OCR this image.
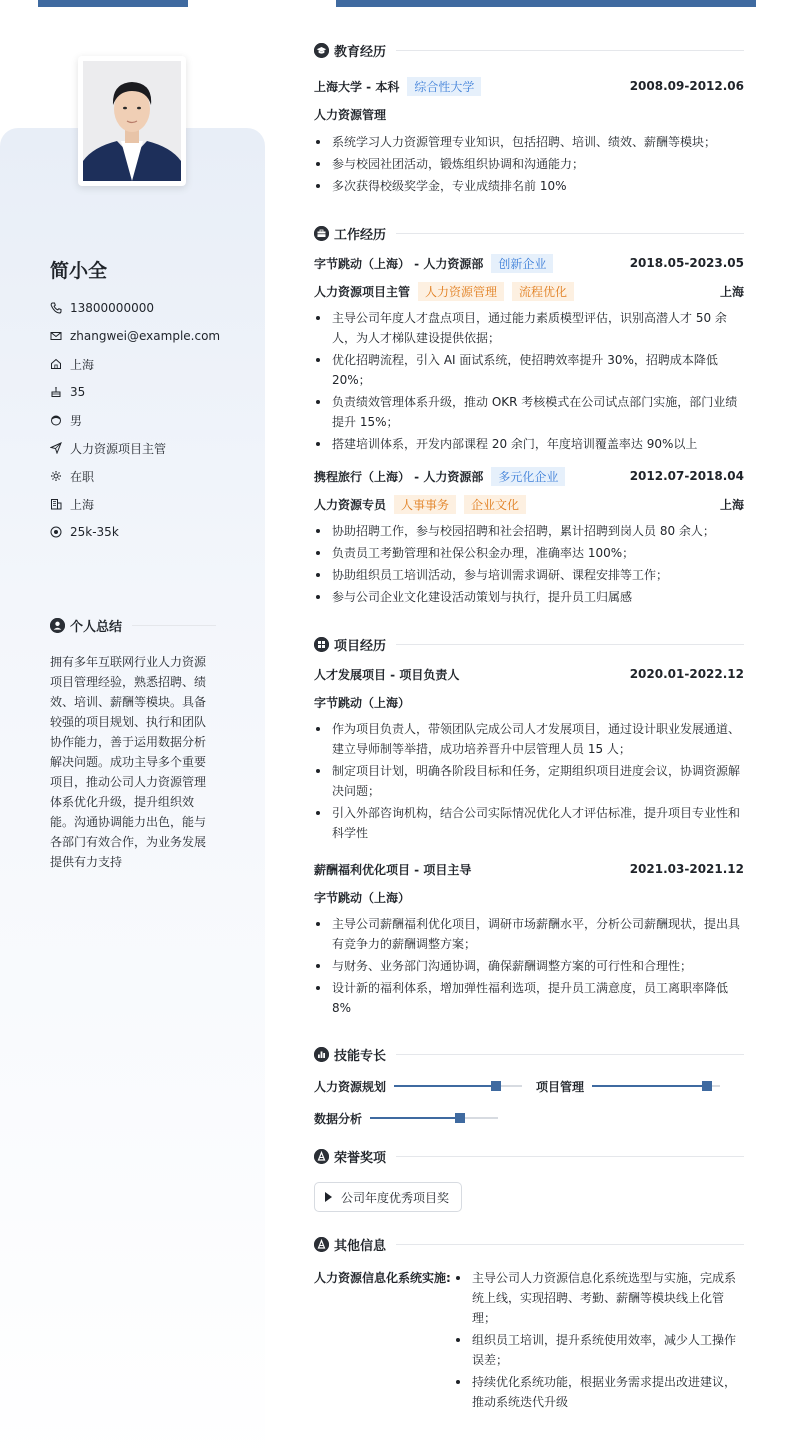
简小全
13800000000
zhangwei@example.com
上海
35
男
人力资源项目主管
在职
上海
25k-35k
个人总结
拥有多年互联网行业人力资源项目管理经验，熟悉招聘、绩效、培训、薪酬等模块。具备较强的项目规划、执行和团队协作能力，善于运用数据分析解决问题。成功主导多个重要项目，推动公司人力资源管理体系优化升级，提升组织效能。沟通协调能力出色，能与各部门有效合作，为业务发展提供有力支持
教育经历
上海大学 - 本科	综合性大学	2008.09-2012.06
人力资源管理
系统学习人力资源管理专业知识，包括招聘、培训、绩效、薪酬等模块；
参与校园社团活动，锻炼组织协调和沟通能力；
多次获得校级奖学金，专业成绩排名前 10%
工作经历
字节跳动（上海） - 人力资源部	创新企业	2018.05-2023.05
人力资源项目主管	人力资源管理	流程优化	上海
主导公司年度人才盘点项目，通过能力素质模型评估，识别高潜人才 50 余人，为人才梯队建设提供依据；
优化招聘流程，引入 AI 面试系统，使招聘效率提升 30%，招聘成本降低 20%；
负责绩效管理体系升级，推动 OKR 考核模式在公司试点部门实施，部门业绩提升 15%；
搭建培训体系，开发内部课程 20 余门，年度培训覆盖率达 90%以上
携程旅行（上海） - 人力资源部	多元化企业	2012.07-2018.04
人力资源专员	人事事务	企业文化	上海
协助招聘工作，参与校园招聘和社会招聘，累计招聘到岗人员 80 余人；
负责员工考勤管理和社保公积金办理，准确率达 100%；
协助组织员工培训活动，参与培训需求调研、课程安排等工作；
参与公司企业文化建设活动策划与执行，提升员工归属感
项目经历
人才发展项目 - 项目负责人	2020.01-2022.12
字节跳动（上海）
作为项目负责人，带领团队完成公司人才发展项目，通过设计职业发展通道、建立导师制等举措，成功培养晋升中层管理人员 15 人；
制定项目计划，明确各阶段目标和任务，定期组织项目进度会议，协调资源解决问题；
引入外部咨询机构，结合公司实际情况优化人才评估标准，提升项目专业性和科学性
薪酬福利优化项目 - 项目主导	2021.03-2021.12
字节跳动（上海）
主导公司薪酬福利优化项目，调研市场薪酬水平，分析公司薪酬现状，提出具有竞争力的薪酬调整方案；
与财务、业务部门沟通协调，确保薪酬调整方案的可行性和合理性；
设计新的福利体系，增加弹性福利选项，提升员工满意度，员工离职率降低 8%
技能专长
人力资源规划	项目管理
数据分析
荣誉奖项
公司年度优秀项目奖
其他信息
人力资源信息化系统实施:	主导公司人力资源信息化系统选型与实施，完成系统上线，实现招聘、考勤、薪酬等模块线上化管理；
组织员工培训，提升系统使用效率，减少人工操作误差；
持续优化系统功能，根据业务需求提出改进建议，推动系统迭代升级
